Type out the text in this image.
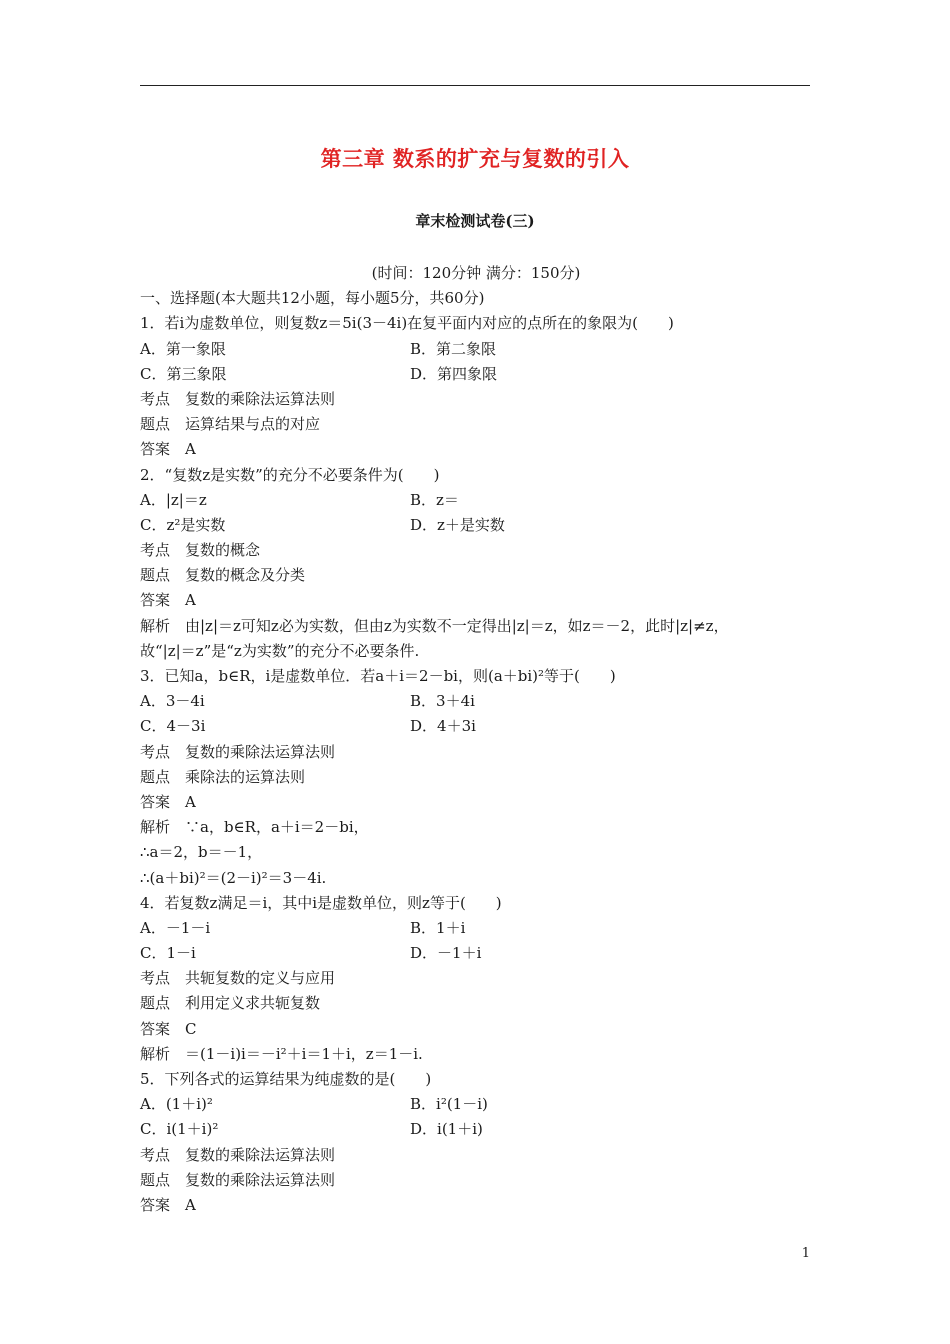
第三章 数系的扩充与复数的引入
章末检测试卷(三)
(时间：120分钟 满分：150分)
一、选择题(本大题共12小题，每小题5分，共60分)
1．若i为虚数单位，则复数z＝5i(3－4i)在复平面内对应的点所在的象限为(　　)
A．第一象限	B．第二象限
C．第三象限	D．第四象限
考点　复数的乘除法运算法则
题点　运算结果与点的对应
答案　A
2．“复数z是实数”的充分不必要条件为(　　)
A．|z|＝z	B．z＝
C．z²是实数	D．z＋是实数
考点　复数的概念
题点　复数的概念及分类
答案　A
解析　由|z|＝z可知z必为实数，但由z为实数不一定得出|z|＝z，如z＝－2，此时|z|≠z，
故“|z|＝z”是“z为实数”的充分不必要条件.
3．已知a，b∈R，i是虚数单位．若a＋i＝2－bi，则(a＋bi)²等于(　　)
A．3－4i	B．3＋4i
C．4－3i	D．4＋3i
考点　复数的乘除法运算法则
题点　乘除法的运算法则
答案　A
解析　∵a，b∈R，a＋i＝2－bi，
∴a＝2，b＝－1，
∴(a＋bi)²＝(2－i)²＝3－4i.
4．若复数z满足＝i，其中i是虚数单位，则z等于(　　)
A．－1－i	B．1＋i
C．1－i	D．－1＋i
考点　共轭复数的定义与应用
题点　利用定义求共轭复数
答案　C
解析　＝(1－i)i＝－i²＋i＝1＋i，z＝1－i.
5．下列各式的运算结果为纯虚数的是(　　)
A．(1＋i)²	B．i²(1－i)
C．i(1＋i)²	D．i(1＋i)
考点　复数的乘除法运算法则
题点　复数的乘除法运算法则
答案　A
1
